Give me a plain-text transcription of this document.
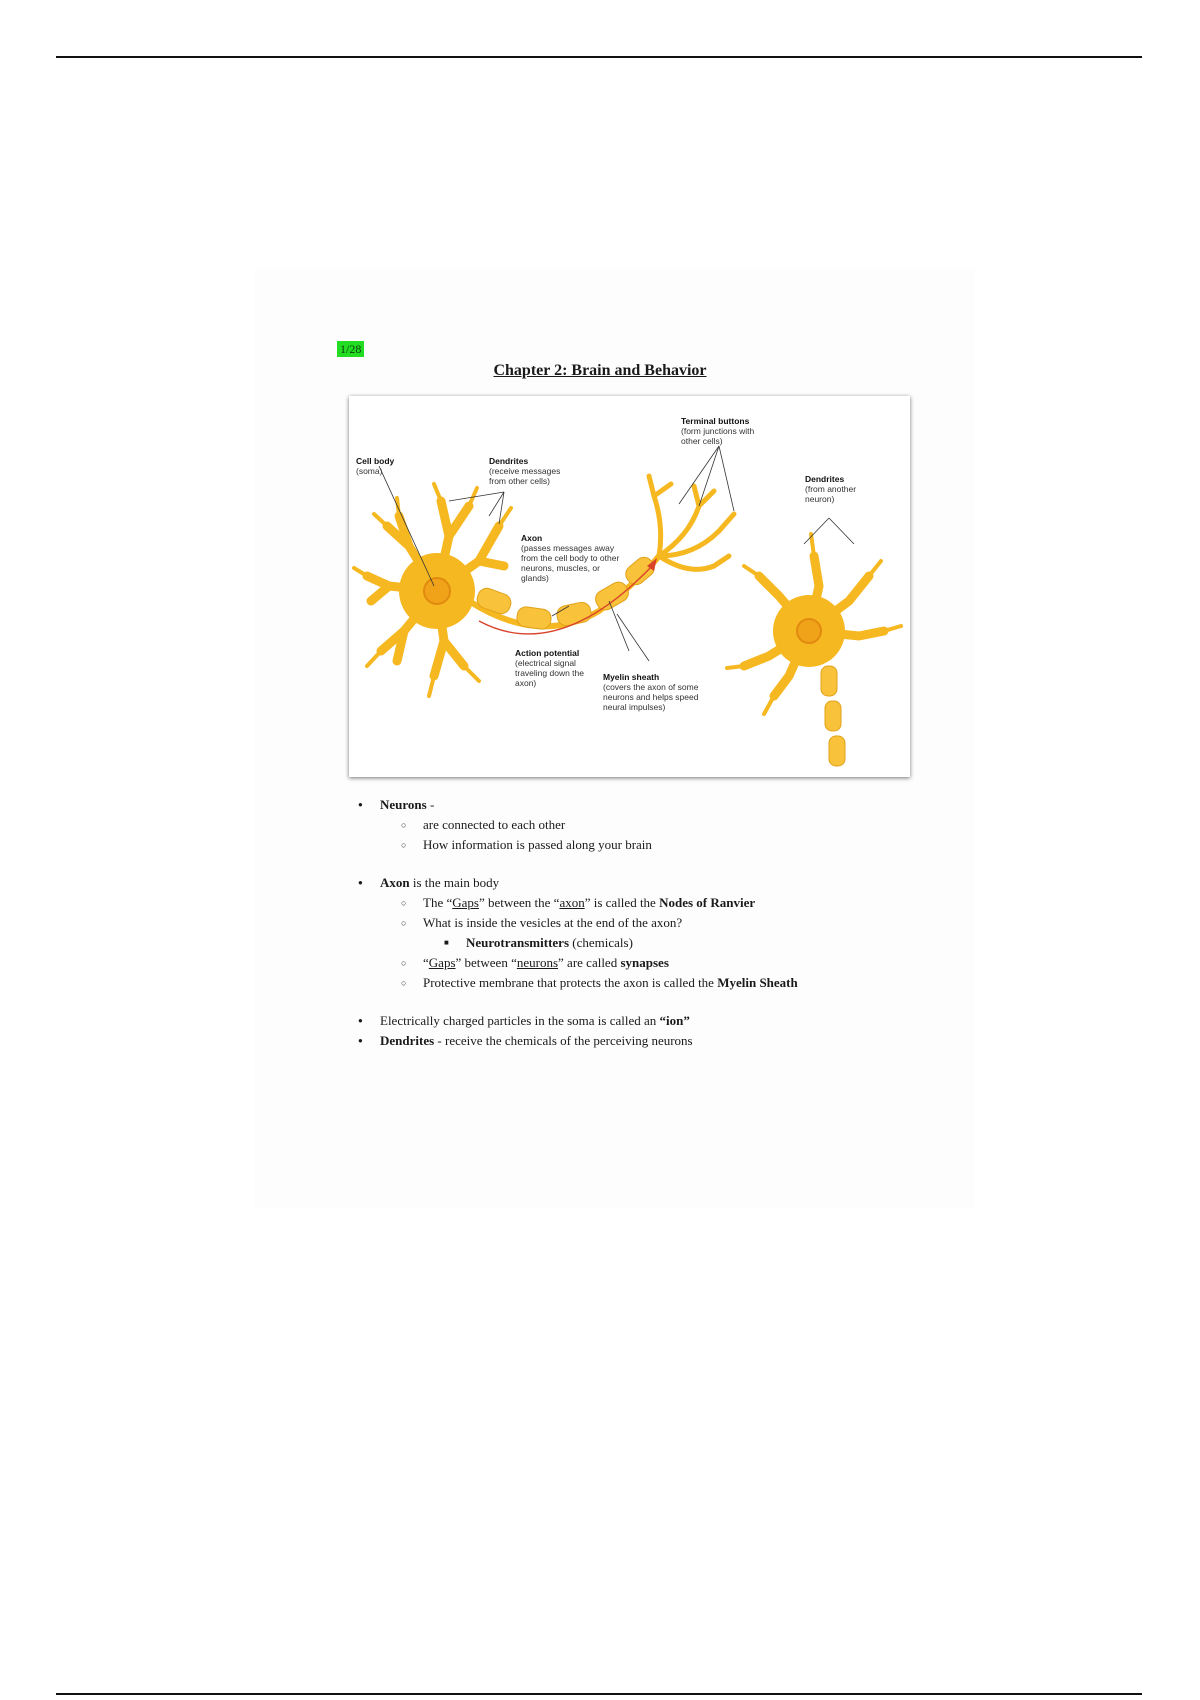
1/28
Chapter 2: Brain and Behavior
Cell body
(soma)
Dendrites
(receive messages from other cells)
Terminal buttons
(form junctions with other cells)
Dendrites
(from another neuron)
Axon
(passes messages away from the cell body to other neurons, muscles, or glands)
Action potential
(electrical signal traveling down the axon)
Myelin sheath
(covers the axon of some neurons and helps speed neural impulses)
● Neurons -
○ are connected to each other
○ How information is passed along your brain
● Axon is the main body
○ The “Gaps” between the “axon” is called the Nodes of Ranvier
○ What is inside the vesicles at the end of the axon?
■ Neurotransmitters (chemicals)
○ “Gaps” between “neurons” are called synapses
○ Protective membrane that protects the axon is called the Myelin Sheath
● Electrically charged particles in the soma is called an “ion”
● Dendrites - receive the chemicals of the perceiving neurons
